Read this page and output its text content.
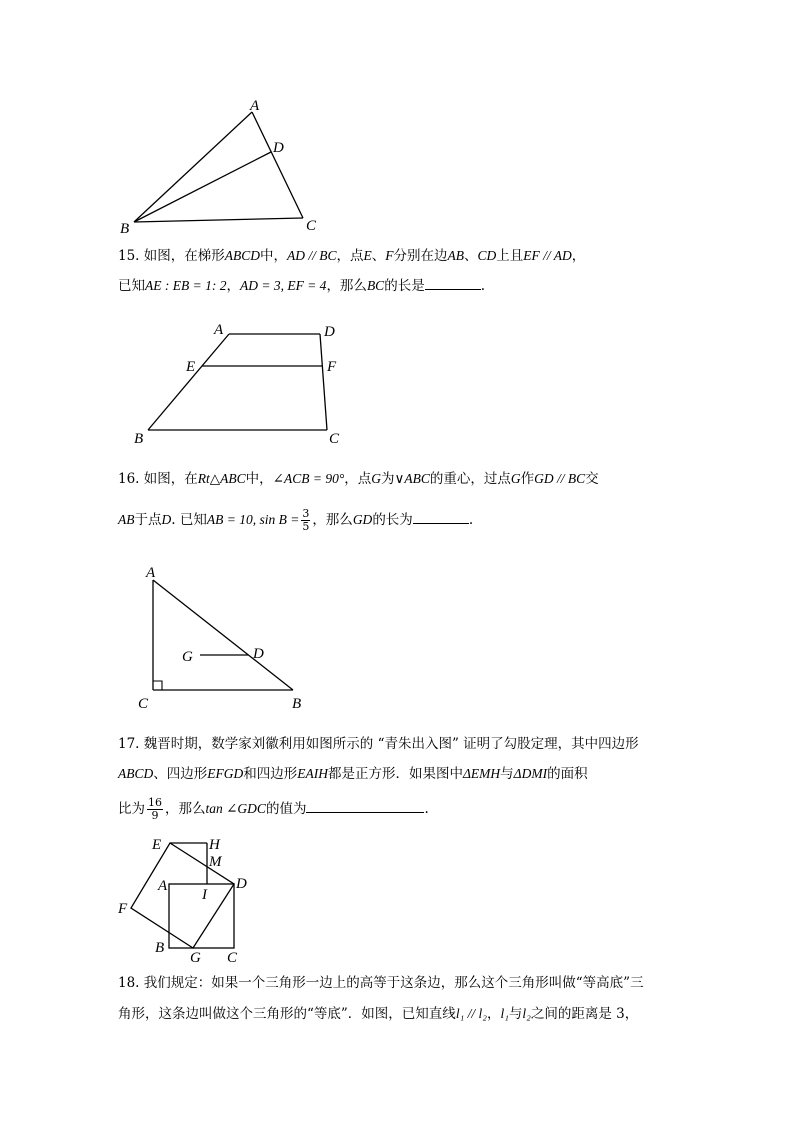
A
D
B	C
15. 如图，在梯形ABCD中，AD // BC，点E、F分别在边AB、CD上且EF // AD，
已知AE : EB = 1: 2，AD = 3, EF = 4，那么BC的长是	.
A	D
E	F
B	C
16. 如图，在Rt△ABC中，∠ACB = 90°，点G为∨ABC的重心，过点G作GD // BC交
AB于点D. 已知AB = 10, $\sin B = \frac{3}{5}$ ，那么GD的长为	.
A
G	D
C	B
17. 魏晋时期，数学家刘徽利用如图所示的 “青朱出入图” 证明了勾股定理，其中四边形
ABCD、四边形EFGD和四边形EAIH都是正方形．如果图中ΔEMH与ΔDMI的面积
比为 $\frac{16}{9}$ ，那么tan ∠GDC的值为	.
E	H
M
A
I
D
F
B
G C
18. 我们规定：如果一个三角形一边上的高等于这条边，那么这个三角形叫做“等高底”三
角形，这条边叫做这个三角形的“等底”．如图，已知直线l₁ // l₂，l₁与l₂之间的距离是 3，
